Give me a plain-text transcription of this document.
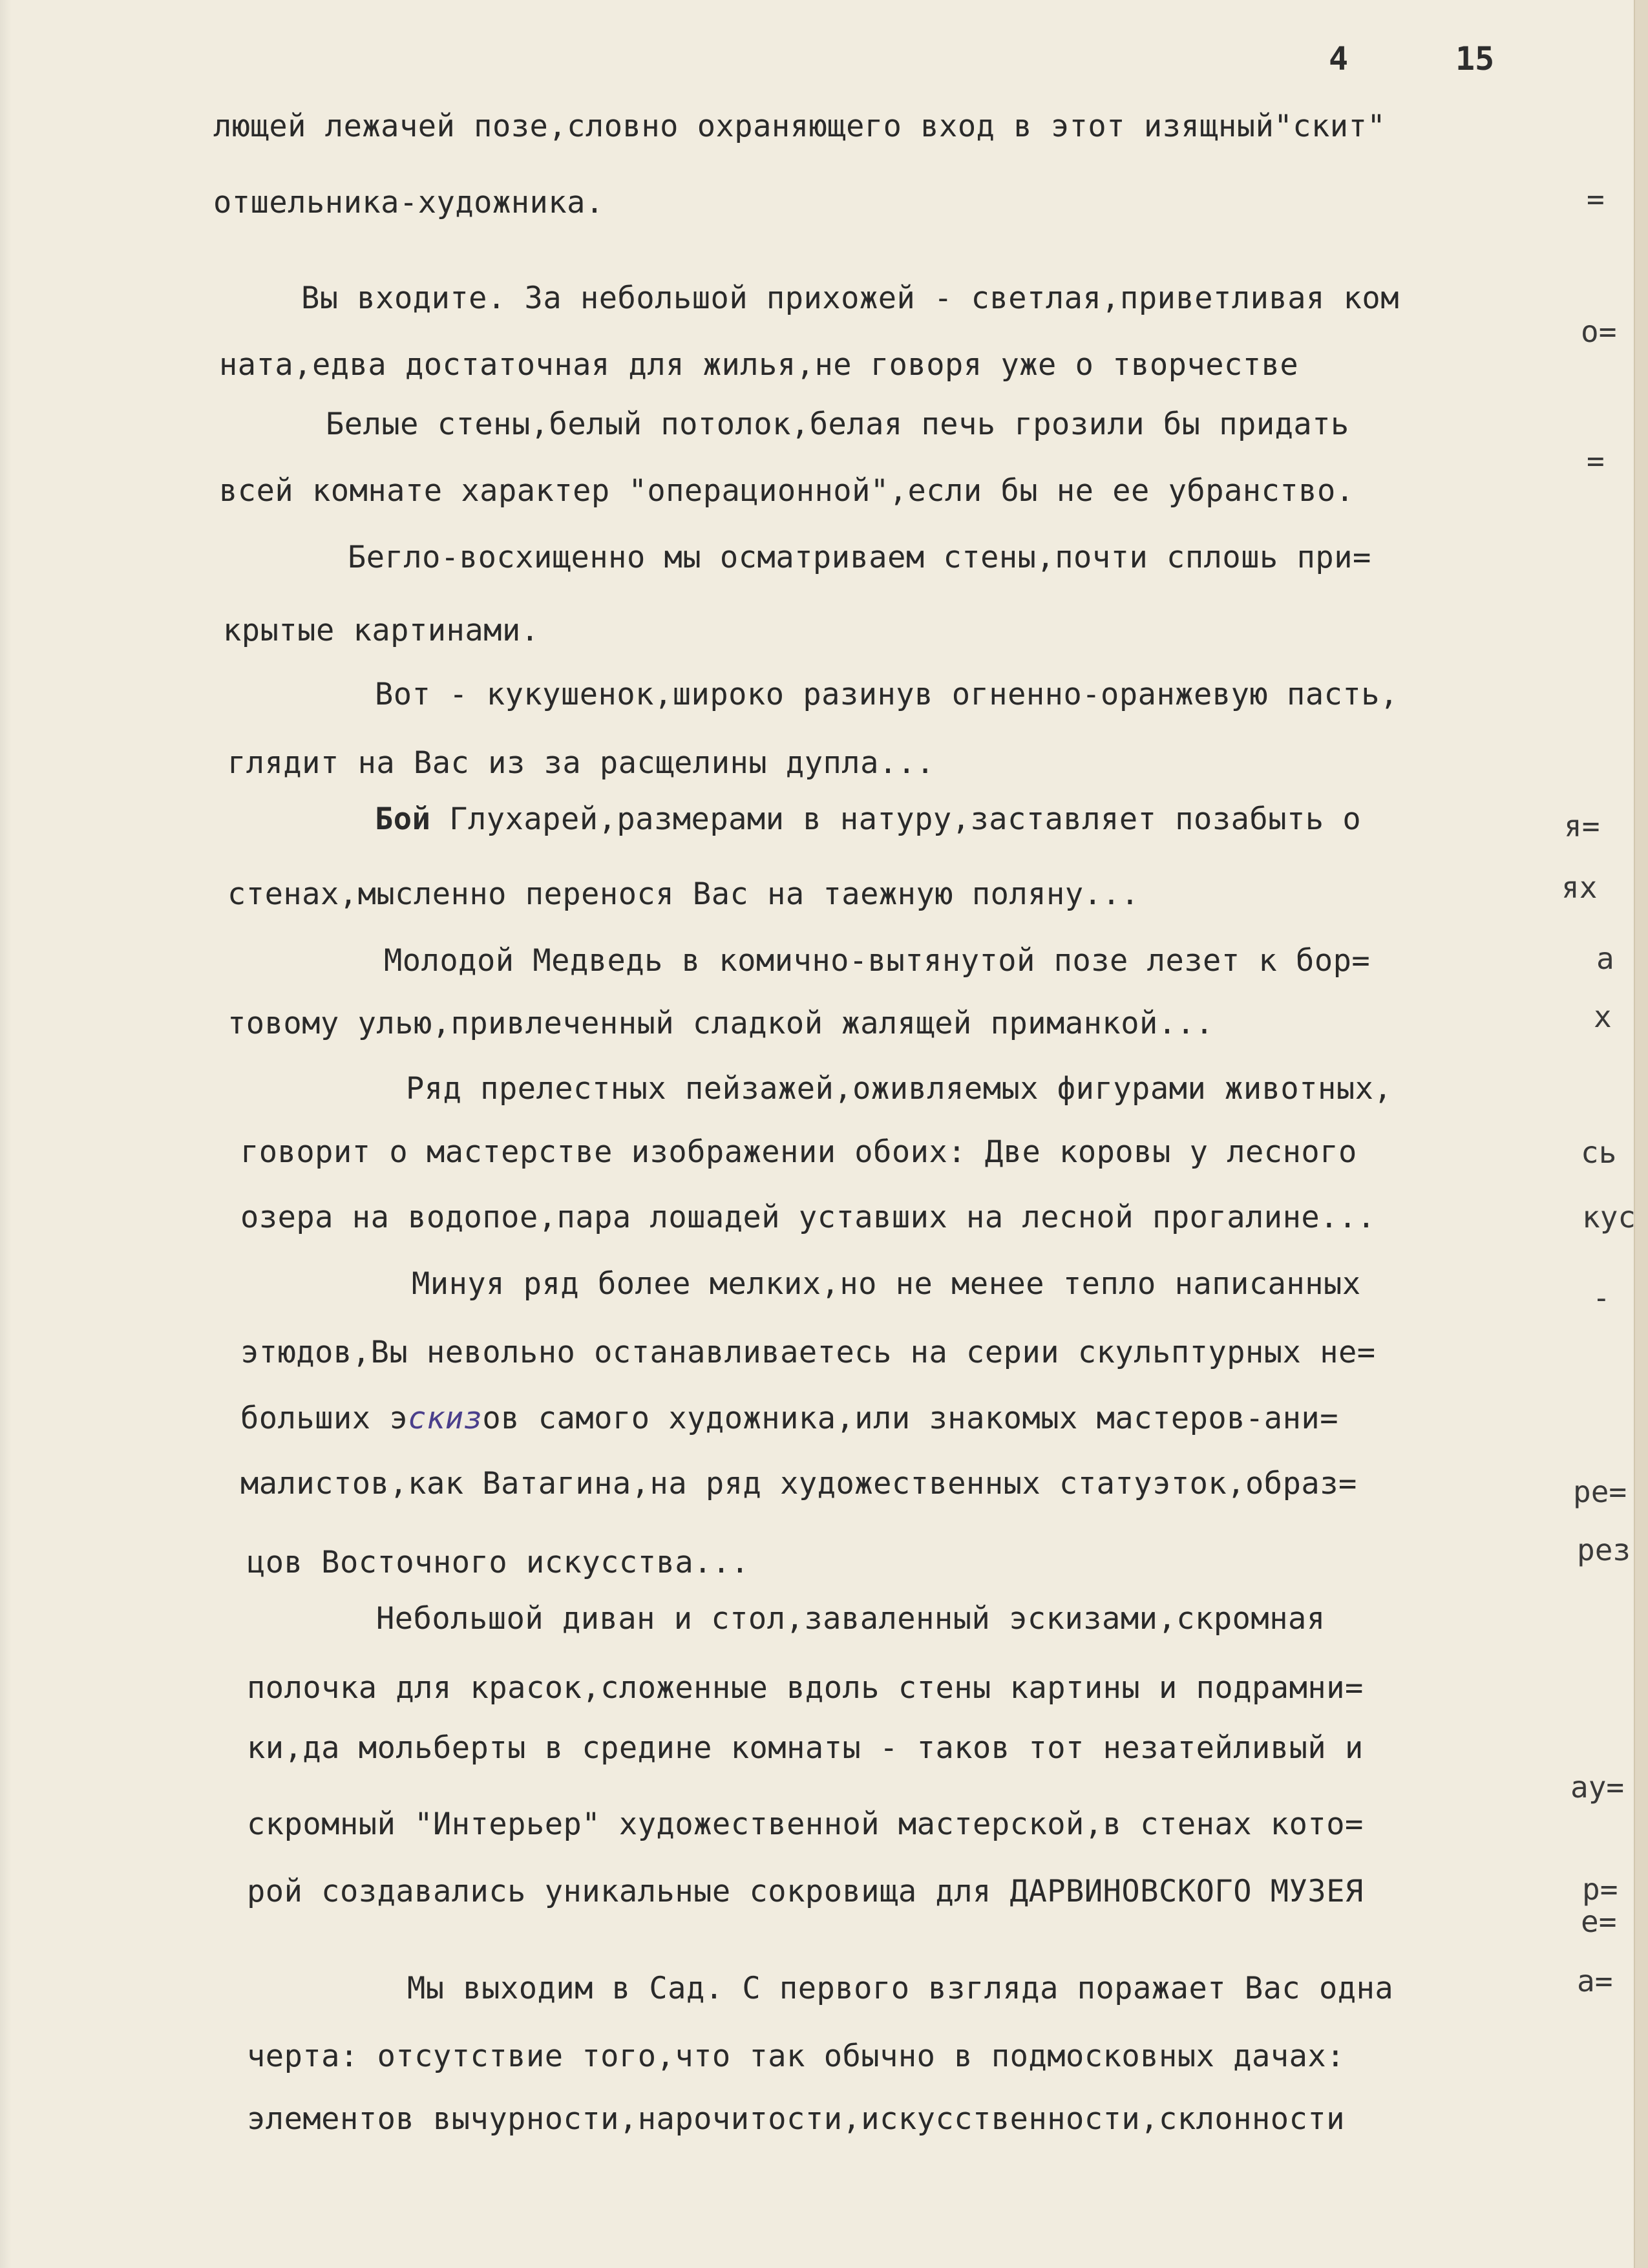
4	15
лющей лежачей позе,словно охраняющего вход в этот изящный"скит"
отшельника-художника.
Вы входите. За небольшой прихожей - светлая,приветливая ком
ната,едва достаточная для жилья,не говоря уже о творчестве
Белые стены,белый потолок,белая печь грозили бы придать
всей комнате характер "операционной",если бы не ее убранство.
Бегло-восхищенно мы осматриваем стены,почти сплошь при=
крытые картинами.
Вот - кукушенок,широко разинув огненно-оранжевую пасть,
глядит на Вас из за расщелины дупла...
Бой Глухарей,размерами в натуру,заставляет позабыть о
стенах,мысленно перенося Вас на таежную поляну...
Молодой Медведь в комично-вытянутой позе лезет к бор=
товому улью,привлеченный сладкой жалящей приманкой...
Ряд прелестных пейзажей,оживляемых фигурами животных,
говорит о мастерстве изображении обоих: Две коровы у лесного
озера на водопое,пара лошадей уставших на лесной прогалине...
Минуя ряд более мелких,но не менее тепло написанных
этюдов,Вы невольно останавливаетесь на серии скульптурных не=
больших эскизов самого художника,или знакомых мастеров-ани=
малистов,как Ватагина,на ряд художественных статуэток,образ=
цов Восточного искусства...
Небольшой диван и стол,заваленный эскизами,скромная
полочка для красок,сложенные вдоль стены картины и подрамни=
ки,да мольберты в средине комнаты - таков тот незатейливый и
скромный "Интерьер" художественной мастерской,в стенах кото=
рой создавались уникальные сокровища для ДАРВИНОВСКОГО МУЗЕЯ
Мы выходим в Сад. С первого взгляда поражает Вас одна
черта: отсутствие того,что так обычно в подмосковных дачах:
элементов вычурности,нарочитости,искусственности,склонности
=
о=
=
я=
ях
а
х
сь
кус
-
ре=
рез
ау=
р=
е=
а=
